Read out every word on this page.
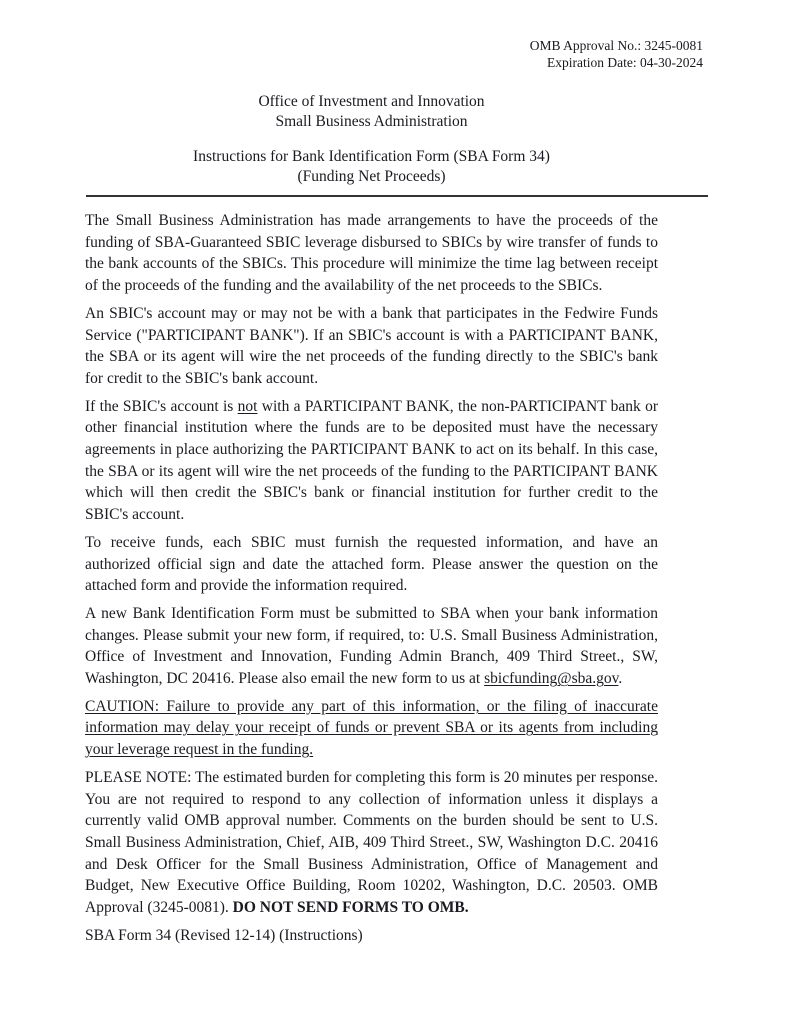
OMB Approval No.: 3245-0081
Expiration Date: 04-30-2024
Office of Investment and Innovation
Small Business Administration
Instructions for Bank Identification Form (SBA Form 34)
(Funding Net Proceeds)

The Small Business Administration has made arrangements to have the proceeds of the funding of SBA-Guaranteed SBIC leverage disbursed to SBICs by wire transfer of funds to the bank accounts of the SBICs. This procedure will minimize the time lag between receipt of the proceeds of the funding and the availability of the net proceeds to the SBICs.

An SBIC's account may or may not be with a bank that participates in the Fedwire Funds Service ("PARTICIPANT BANK"). If an SBIC's account is with a PARTICIPANT BANK, the SBA or its agent will wire the net proceeds of the funding directly to the SBIC's bank for credit to the SBIC's bank account.

If the SBIC's account is not with a PARTICIPANT BANK, the non-PARTICIPANT bank or other financial institution where the funds are to be deposited must have the necessary agreements in place authorizing the PARTICIPANT BANK to act on its behalf. In this case, the SBA or its agent will wire the net proceeds of the funding to the PARTICIPANT BANK which will then credit the SBIC's bank or financial institution for further credit to the SBIC's account.

To receive funds, each SBIC must furnish the requested information, and have an authorized official sign and date the attached form. Please answer the question on the attached form and provide the information required.

A new Bank Identification Form must be submitted to SBA when your bank information changes. Please submit your new form, if required, to: U.S. Small Business Administration, Office of Investment and Innovation, Funding Admin Branch, 409 Third Street., SW, Washington, DC 20416. Please also email the new form to us at sbicfunding@sba.gov.

CAUTION: Failure to provide any part of this information, or the filing of inaccurate information may delay your receipt of funds or prevent SBA or its agents from including your leverage request in the funding.

PLEASE NOTE: The estimated burden for completing this form is 20 minutes per response. You are not required to respond to any collection of information unless it displays a currently valid OMB approval number. Comments on the burden should be sent to U.S. Small Business Administration, Chief, AIB, 409 Third Street., SW, Washington D.C. 20416 and Desk Officer for the Small Business Administration, Office of Management and Budget, New Executive Office Building, Room 10202, Washington, D.C. 20503. OMB Approval (3245-0081). DO NOT SEND FORMS TO OMB.

SBA Form 34 (Revised 12-14) (Instructions)
